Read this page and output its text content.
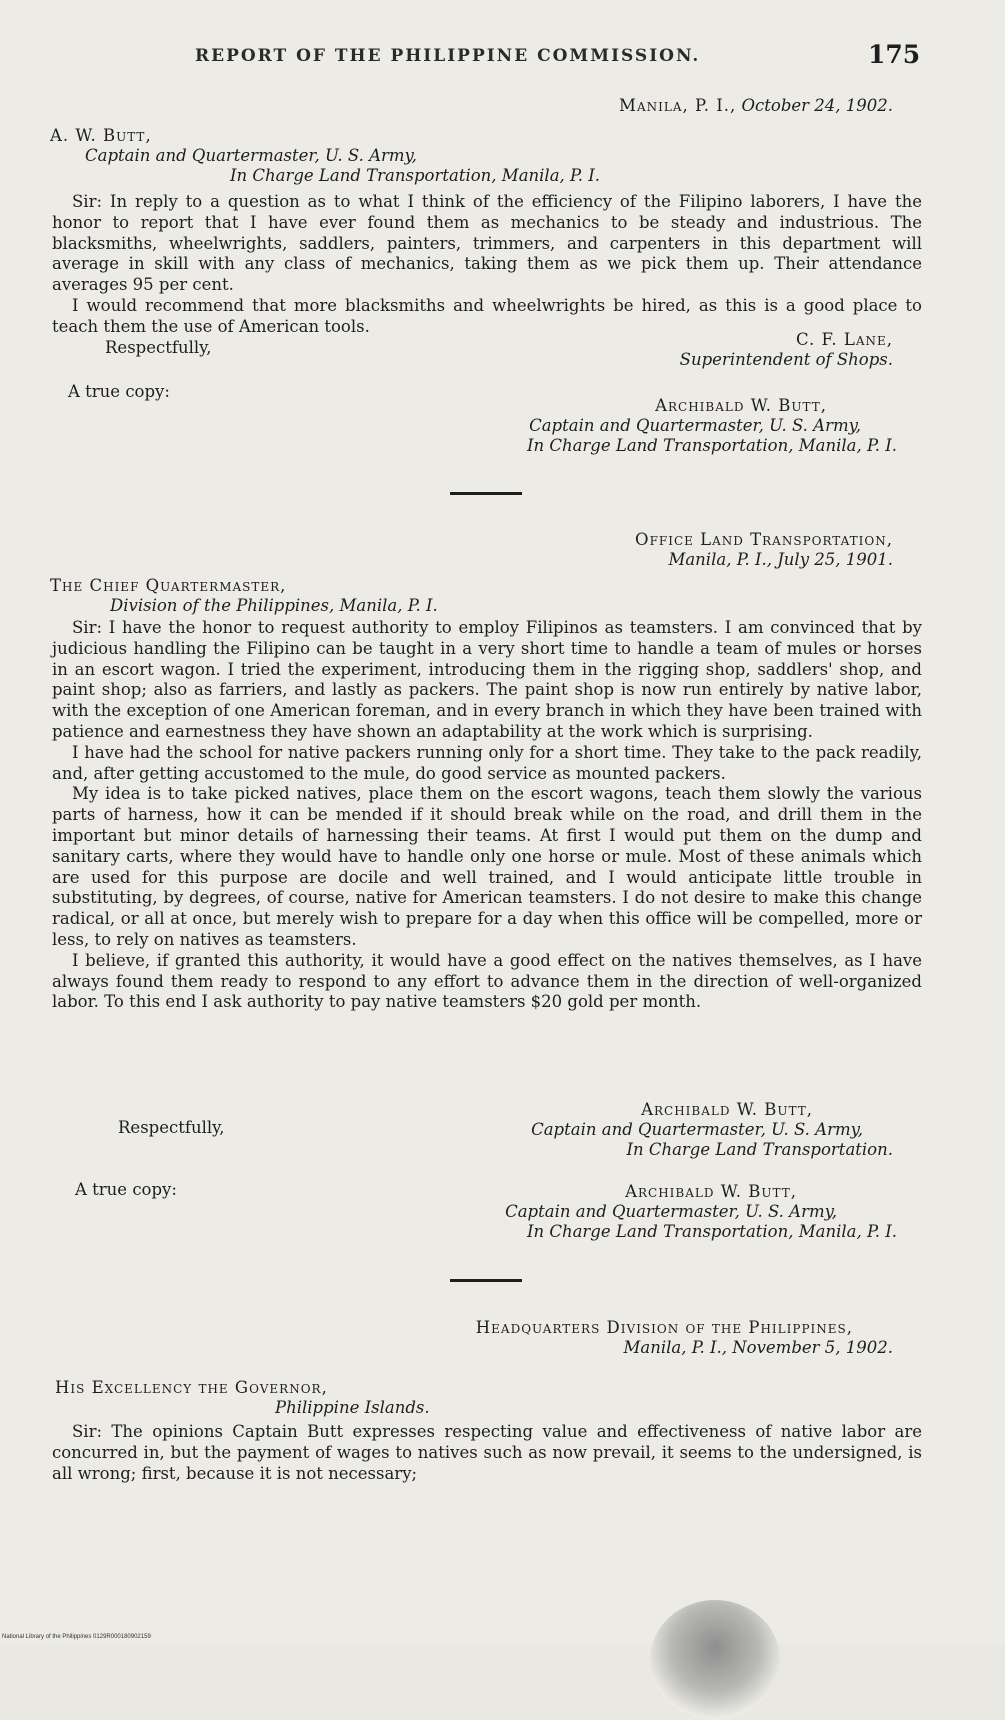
REPORT OF THE PHILIPPINE COMMISSION.	175
Manila, P. I., October 24, 1902.
A. W. Butt,
Captain and Quartermaster, U. S. Army,
In Charge Land Transportation, Manila, P. I.

Sir: In reply to a question as to what I think of the efficiency of the Filipino laborers, I have the honor to report that I have ever found them as mechanics to be steady and industrious. The blacksmiths, wheelwrights, saddlers, painters, trimmers, and carpenters in this department will average in skill with any class of mechanics, taking them as we pick them up. Their attendance averages 95 per cent.

I would recommend that more blacksmiths and wheelwrights be hired, as this is a good place to teach them the use of American tools.

Respectfully,	C. F. Lane,
Superintendent of Shops.
A true copy:
Archibald W. Butt,
Captain and Quartermaster, U. S. Army,
In Charge Land Transportation, Manila, P. I.
Office Land Transportation,
Manila, P. I., July 25, 1901.
The Chief Quartermaster,
Division of the Philippines, Manila, P. I.

Sir: I have the honor to request authority to employ Filipinos as teamsters. I am convinced that by judicious handling the Filipino can be taught in a very short time to handle a team of mules or horses in an escort wagon. I tried the experiment, introducing them in the rigging shop, saddlers' shop, and paint shop; also as farriers, and lastly as packers. The paint shop is now run entirely by native labor, with the exception of one American foreman, and in every branch in which they have been trained with patience and earnestness they have shown an adaptability at the work which is surprising.

I have had the school for native packers running only for a short time. They take to the pack readily, and, after getting accustomed to the mule, do good service as mounted packers.

My idea is to take picked natives, place them on the escort wagons, teach them slowly the various parts of harness, how it can be mended if it should break while on the road, and drill them in the important but minor details of harnessing their teams. At first I would put them on the dump and sanitary carts, where they would have to handle only one horse or mule. Most of these animals which are used for this purpose are docile and well trained, and I would anticipate little trouble in substituting, by degrees, of course, native for American teamsters. I do not desire to make this change radical, or all at once, but merely wish to prepare for a day when this office will be compelled, more or less, to rely on natives as teamsters.

I believe, if granted this authority, it would have a good effect on the natives themselves, as I have always found them ready to respond to any effort to advance them in the direction of well-organized labor. To this end I ask authority to pay native teamsters $20 gold per month.

Respectfully,
Archibald W. Butt,
Captain and Quartermaster, U. S. Army,
In Charge Land Transportation.
A true copy:	Archibald W. Butt,
Captain and Quartermaster, U. S. Army,
In Charge Land Transportation, Manila, P. I.
Headquarters Division of the Philippines,
Manila, P. I., November 5, 1902.
His Excellency the Governor,
Philippine Islands.

Sir: The opinions Captain Butt expresses respecting value and effectiveness of native labor are concurred in, but the payment of wages to natives such as now prevail, it seems to the undersigned, is all wrong; first, because it is not necessary;

National Library of the Philippines 0129R000180902159
